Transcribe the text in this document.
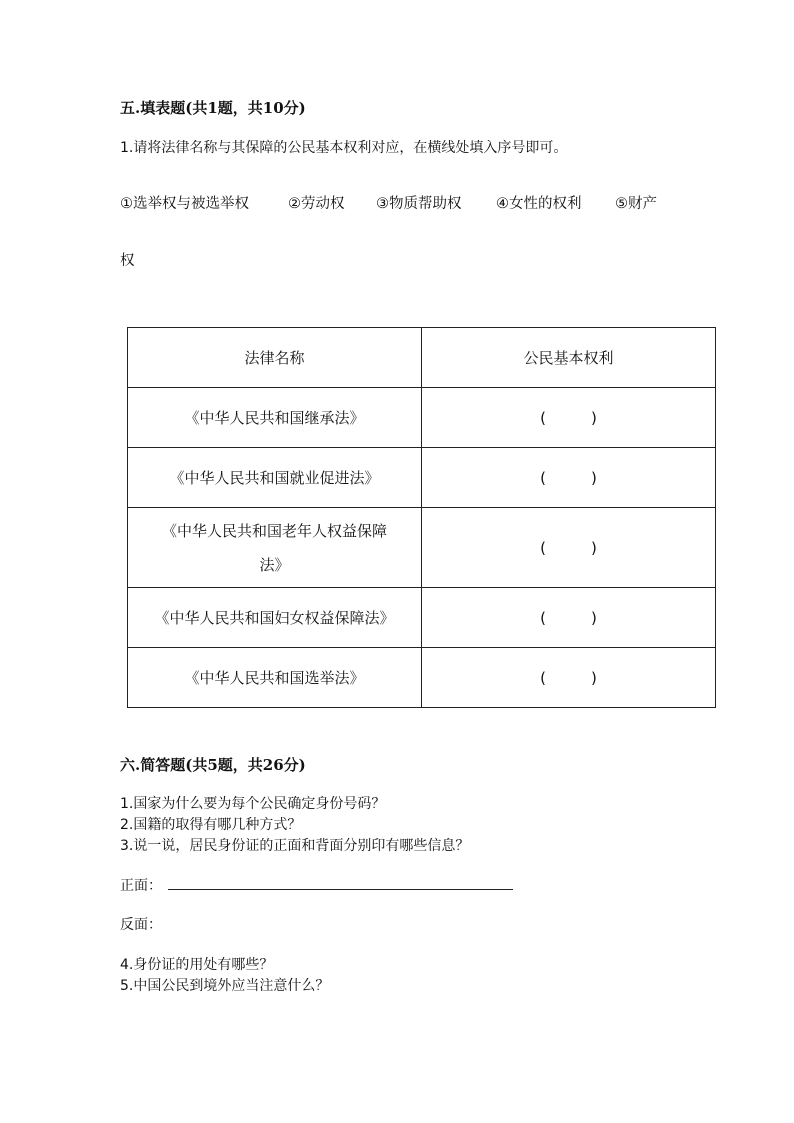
五.填表题(共1题，共10分)
1.请将法律名称与其保障的公民基本权利对应，在横线处填入序号即可。
①选举权与被选举权	②劳动权 ③物质帮助权 ④女性的权利 ⑤财产
权
法律名称	公民基本权利
《中华人民共和国继承法》	(　　　)
《中华人民共和国就业促进法》	(　　　)

《中华人民共和国老年人权益保障
法》	(　　　)
《中华人民共和国妇女权益保障法》	(　　　)
《中华人民共和国选举法》	(　　　)
六.简答题(共5题，共26分)
1.国家为什么要为每个公民确定身份号码？
2.国籍的取得有哪几种方式？
3.说一说，居民身份证的正面和背面分别印有哪些信息？
正面：
反面：
4.身份证的用处有哪些？
5.中国公民到境外应当注意什么？
